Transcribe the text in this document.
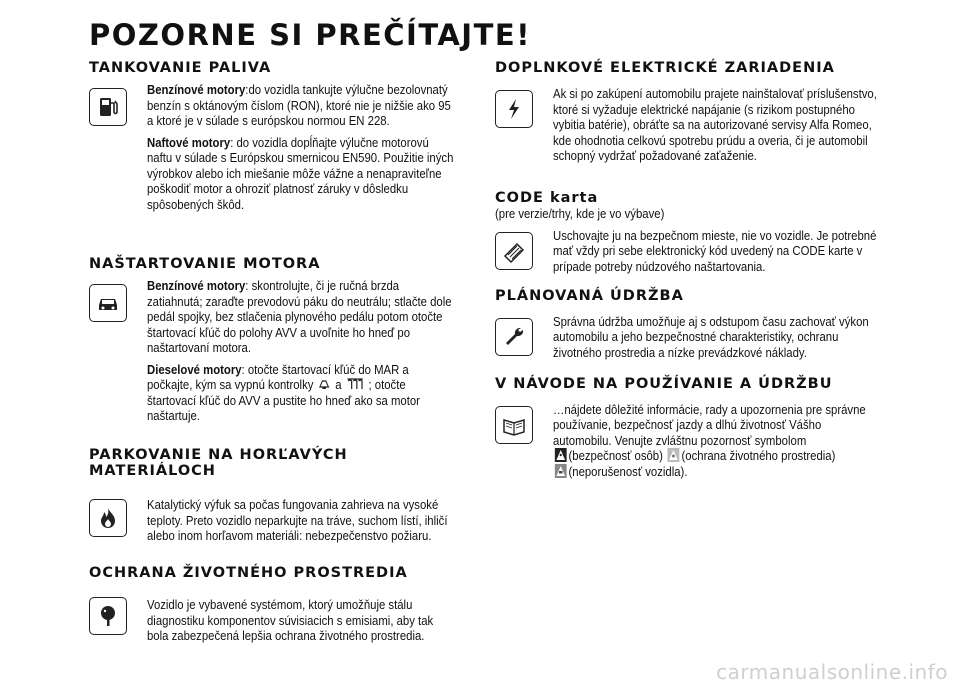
POZORNE SI PREČÍTAJTE!
TANKOVANIE PALIVA

Benzínové motory:do vozidla tankujte výlučne bezolovnatý benzín s oktánovým číslom (RON), ktoré nie je nižšie ako 95 a ktoré je v súlade s európskou normou EN 228.

Naftové motory: do vozidla dopĺňajte výlučne motorovú naftu v súlade s Európskou smernicou EN590. Použitie iných výrobkov alebo ich miešanie môže vážne a nenapraviteľne poškodiť motor a ohroziť platnosť záruky v dôsledku spôsobených škôd.

NAŠTARTOVANIE MOTORA

Benzínové motory: skontrolujte, či je ručná brzda zatiahnutá; zaraďte prevodovú páku do neutrálu; stlačte dole pedál spojky, bez stlačenia plynového pedálu potom otočte štartovací kľúč do polohy AVV a uvoľnite ho hneď po naštartovaní motora.

Dieselové motory: otočte štartovací kľúč do MAR a počkajte, kým sa vypnú kontrolky a ; otočte štartovací kľúč do AVV a pustite ho hneď ako sa motor naštartuje.

PARKOVANIE NA HORĽAVÝCH MATERIÁLOCH

Katalytický výfuk sa počas fungovania zahrieva na vysoké teploty. Preto vozidlo neparkujte na tráve, suchom lístí, ihličí alebo inom horľavom materiáli: nebezpečenstvo požiaru.

OCHRANA ŽIVOTNÉHO PROSTREDIA

Vozidlo je vybavené systémom, ktorý umožňuje stálu diagnostiku komponentov súvisiacich s emisiami, aby tak bola zabezpečená lepšia ochrana životného prostredia.

DOPLNKOVÉ ELEKTRICKÉ ZARIADENIA

Ak si po zakúpení automobilu prajete nainštalovať príslušenstvo, ktoré si vyžaduje elektrické napájanie (s rizikom postupného vybitia batérie), obráťte sa na autorizované servisy Alfa Romeo, kde ohodnotia celkovú spotrebu prúdu a overia, či je automobil schopný vydržať požadované zaťaženie.

CODE karta
(pre verzie/trhy, kde je vo výbave)

Uschovajte ju na bezpečnom mieste, nie vo vozidle. Je potrebné mať vždy pri sebe elektronický kód uvedený na CODE karte v prípade potreby núdzového naštartovania.

PLÁNOVANÁ ÚDRŽBA

Správna údržba umožňuje aj s odstupom času zachovať výkon automobilu a jeho bezpečnostné charakteristiky, ochranu životného prostredia a nízke prevádzkové náklady.

V NÁVODE NA POUŽÍVANIE A ÚDRŽBU

…nájdete dôležité informácie, rady a upozornenia pre správne používanie, bezpečnosť jazdy a dlhú životnosť Vášho automobilu. Venujte zvláštnu pozornosť symbolom
(bezpečnosť osôb) (ochrana životného prostredia)
(neporušenosť vozidla).

carmanualsonline.info
